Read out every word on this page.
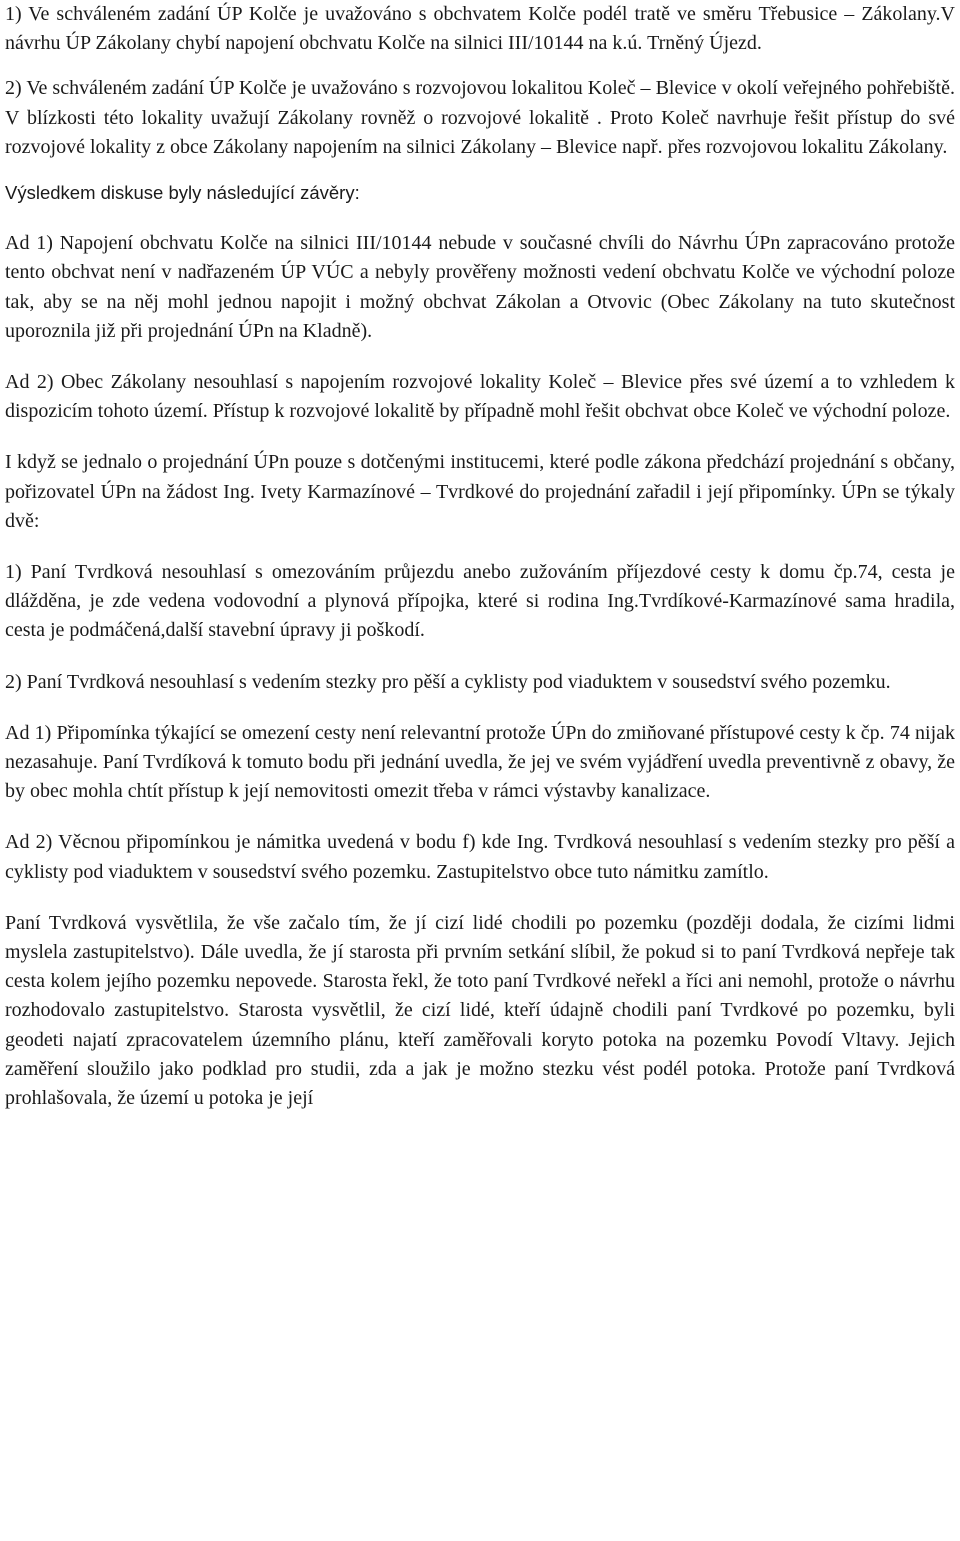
1) Ve schváleném zadání ÚP Kolče je uvažováno s obchvatem Kolče podél tratě ve směru Třebusice – Zákolany.V návrhu ÚP Zákolany chybí napojení obchvatu Kolče na silnici III/10144 na k.ú. Trněný Újezd.

2) Ve schváleném zadání ÚP Kolče je uvažováno s rozvojovou lokalitou Koleč – Blevice v okolí veřejného pohřebiště. V blízkosti této lokality uvažují Zákolany rovněž o rozvojové lokalitě . Proto Koleč navrhuje řešit přístup do své rozvojové lokality z obce Zákolany napojením na silnici Zákolany – Blevice např. přes rozvojovou lokalitu Zákolany.

Výsledkem diskuse byly následující závěry:

Ad 1) Napojení obchvatu Kolče na silnici III/10144 nebude v současné chvíli do Návrhu ÚPn zapracováno protože tento obchvat není v nadřazeném ÚP VÚC a nebyly prověřeny možnosti vedení obchvatu Kolče ve východní poloze tak, aby se na něj mohl jednou napojit i možný obchvat Zákolan a Otvovic (Obec Zákolany na tuto skutečnost uporoznila již při projednání ÚPn na Kladně).

Ad 2) Obec Zákolany nesouhlasí s napojením rozvojové lokality Koleč – Blevice přes své území a to vzhledem k dispozicím tohoto území. Přístup k rozvojové lokalitě by případně mohl řešit obchvat obce Koleč ve východní poloze.

I když se jednalo o projednání ÚPn pouze s dotčenými institucemi, které podle zákona předchází projednání s občany, pořizovatel ÚPn na žádost Ing. Ivety Karmazínové – Tvrdkové do projednání zařadil i její připomínky. ÚPn se týkaly dvě:

1) Paní Tvrdková nesouhlasí s omezováním průjezdu anebo zužováním příjezdové cesty k domu čp.74, cesta je dlážděna, je zde vedena vodovodní a plynová přípojka, které si rodina Ing.Tvrdíkové-Karmazínové sama hradila, cesta je podmáčená,další stavební úpravy ji poškodí.

2) Paní Tvrdková nesouhlasí s vedením stezky pro pěší a cyklisty pod viaduktem v sousedství svého pozemku.

Ad 1) Připomínka týkající se omezení cesty není relevantní protože ÚPn do zmiňované přístupové cesty k čp. 74 nijak nezasahuje. Paní Tvrdíková k tomuto bodu při jednání uvedla, že jej ve svém vyjádření uvedla preventivně z obavy, že by obec mohla chtít přístup k její nemovitosti omezit třeba v rámci výstavby kanalizace.

Ad 2) Věcnou připomínkou je námitka uvedená v bodu f) kde Ing. Tvrdková nesouhlasí s vedením stezky pro pěší a cyklisty pod viaduktem v sousedství svého pozemku. Zastupitelstvo obce tuto námitku zamítlo.

Paní Tvrdková vysvětlila, že vše začalo tím, že jí cizí lidé chodili po pozemku (později dodala, že cizími lidmi myslela zastupitelstvo). Dále uvedla, že jí starosta při prvním setkání slíbil, že pokud si to paní Tvrdková nepřeje tak cesta kolem jejího pozemku nepovede. Starosta řekl, že toto paní Tvrdkové neřekl a říci ani nemohl, protože o návrhu rozhodovalo zastupitelstvo. Starosta vysvětlil, že cizí lidé, kteří údajně chodili paní Tvrdkové po pozemku, byli geodeti najatí zpracovatelem územního plánu, kteří zaměřovali koryto potoka na pozemku Povodí Vltavy. Jejich zaměření sloužilo jako podklad pro studii, zda a jak je možno stezku vést podél potoka. Protože paní Tvrdková prohlašovala, že území u potoka je její
